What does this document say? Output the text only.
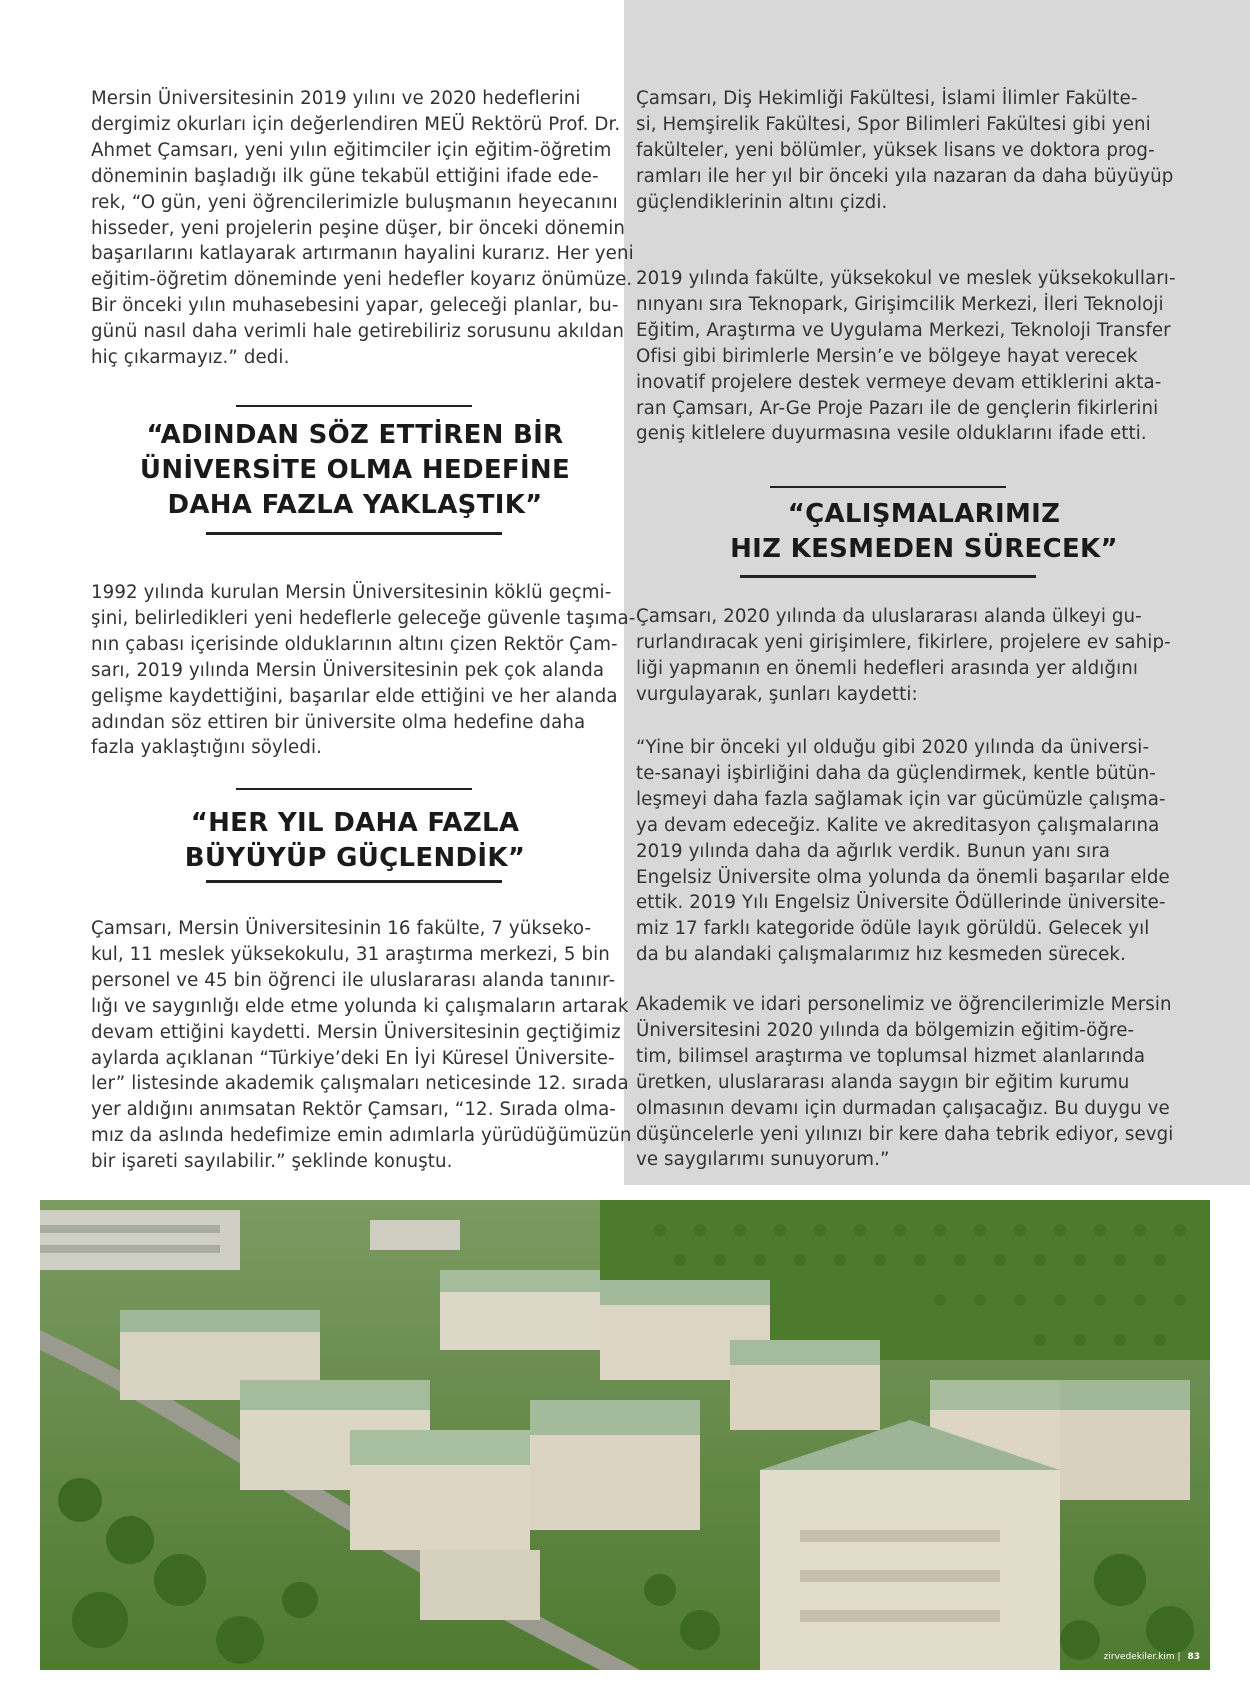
Mersin Üniversitesinin 2019 yılını ve 2020 hedeflerini
dergimiz okurları için değerlendiren MEÜ Rektörü Prof. Dr.
Ahmet Çamsarı, yeni yılın eğitimciler için eğitim-öğretim
döneminin başladığı ilk güne tekabül ettiğini ifade ede-
rek, “O gün, yeni öğrencilerimizle buluşmanın heyecanını
hisseder, yeni projelerin peşine düşer, bir önceki dönemin
başarılarını katlayarak artırmanın hayalini kurarız. Her yeni
eğitim-öğretim döneminde yeni hedefler koyarız önümüze.
Bir önceki yılın muhasebesini yapar, geleceği planlar, bu-
günü nasıl daha verimli hale getirebiliriz sorusunu akıldan
hiç çıkarmayız.” dedi.
“ADINDAN SÖZ ETTİREN BİR
ÜNİVERSİTE OLMA HEDEFİNE
DAHA FAZLA YAKLAŞTIK”
1992 yılında kurulan Mersin Üniversitesinin köklü geçmi-
şini, belirledikleri yeni hedeflerle geleceğe güvenle taşıma-
nın çabası içerisinde olduklarının altını çizen Rektör Çam-
sarı, 2019 yılında Mersin Üniversitesinin pek çok alanda
gelişme kaydettiğini, başarılar elde ettiğini ve her alanda
adından söz ettiren bir üniversite olma hedefine daha
fazla yaklaştığını söyledi.
“HER YIL DAHA FAZLA
BÜYÜYÜP GÜÇLENDİK”
Çamsarı, Mersin Üniversitesinin 16 fakülte, 7 yükseko-
kul, 11 meslek yüksekokulu, 31 araştırma merkezi, 5 bin
personel ve 45 bin öğrenci ile uluslararası alanda tanınır-
lığı ve saygınlığı elde etme yolunda ki çalışmaların artarak
devam ettiğini kaydetti. Mersin Üniversitesinin geçtiğimiz
aylarda açıklanan “Türkiye’deki En İyi Küresel Üniversite-
ler” listesinde akademik çalışmaları neticesinde 12. sırada
yer aldığını anımsatan Rektör Çamsarı, “12. Sırada olma-
mız da aslında hedefimize emin adımlarla yürüdüğümüzün
bir işareti sayılabilir.” şeklinde konuştu.
Çamsarı, Diş Hekimliği Fakültesi, İslami İlimler Fakülte-
si, Hemşirelik Fakültesi, Spor Bilimleri Fakültesi gibi yeni
fakülteler, yeni bölümler, yüksek lisans ve doktora prog-
ramları ile her yıl bir önceki yıla nazaran da daha büyüyüp
güçlendiklerinin altını çizdi.
2019 yılında fakülte, yüksekokul ve meslek yüksekokulları-
nınyanı sıra Teknopark, Girişimcilik Merkezi, İleri Teknoloji
Eğitim, Araştırma ve Uygulama Merkezi, Teknoloji Transfer
Ofisi gibi birimlerle Mersin’e ve bölgeye hayat verecek
inovatif projelere destek vermeye devam ettiklerini akta-
ran Çamsarı, Ar-Ge Proje Pazarı ile de gençlerin fikirlerini
geniş kitlelere duyurmasına vesile olduklarını ifade etti.
“ÇALIŞMALARIMIZ
HIZ KESMEDEN SÜRECEK”
Çamsarı, 2020 yılında da uluslararası alanda ülkeyi gu-
rurlandıracak yeni girişimlere, fikirlere, projelere ev sahip-
liği yapmanın en önemli hedefleri arasında yer aldığını
vurgulayarak, şunları kaydetti:
“Yine bir önceki yıl olduğu gibi 2020 yılında da üniversi-
te-sanayi işbirliğini daha da güçlendirmek, kentle bütün-
leşmeyi daha fazla sağlamak için var gücümüzle çalışma-
ya devam edeceğiz. Kalite ve akreditasyon çalışmalarına
2019 yılında daha da ağırlık verdik. Bunun yanı sıra
Engelsiz Üniversite olma yolunda da önemli başarılar elde
ettik. 2019 Yılı Engelsiz Üniversite Ödüllerinde üniversite-
miz 17 farklı kategoride ödüle layık görüldü. Gelecek yıl
da bu alandaki çalışmalarımız hız kesmeden sürecek.
Akademik ve idari personelimiz ve öğrencilerimizle Mersin
Üniversitesini 2020 yılında da bölgemizin eğitim-öğre-
tim, bilimsel araştırma ve toplumsal hizmet alanlarında
üretken, uluslararası alanda saygın bir eğitim kurumu
olmasının devamı için durmadan çalışacağız. Bu duygu ve
düşüncelerle yeni yılınızı bir kere daha tebrik ediyor, sevgi
ve saygılarımı sunuyorum.”
zirvedekiler.kim | 83
